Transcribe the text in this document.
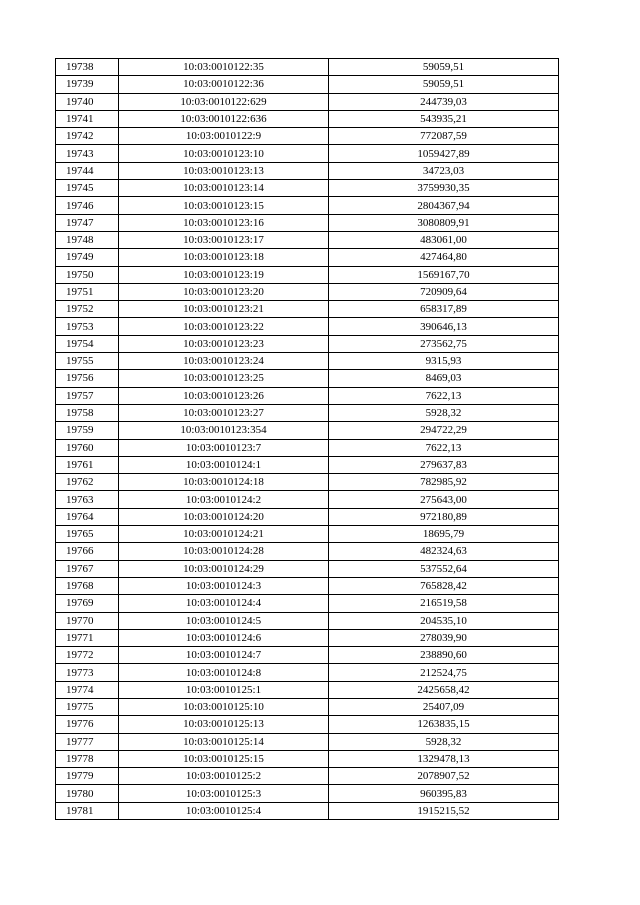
19738	10:03:0010122:35	59059,51
19739	10:03:0010122:36	59059,51
19740	10:03:0010122:629	244739,03
19741	10:03:0010122:636	543935,21
19742	10:03:0010122:9	772087,59
19743	10:03:0010123:10	1059427,89
19744	10:03:0010123:13	34723,03
19745	10:03:0010123:14	3759930,35
19746	10:03:0010123:15	2804367,94
19747	10:03:0010123:16	3080809,91
19748	10:03:0010123:17	483061,00
19749	10:03:0010123:18	427464,80
19750	10:03:0010123:19	1569167,70
19751	10:03:0010123:20	720909,64
19752	10:03:0010123:21	658317,89
19753	10:03:0010123:22	390646,13
19754	10:03:0010123:23	273562,75
19755	10:03:0010123:24	9315,93
19756	10:03:0010123:25	8469,03
19757	10:03:0010123:26	7622,13
19758	10:03:0010123:27	5928,32
19759	10:03:0010123:354	294722,29
19760	10:03:0010123:7	7622,13
19761	10:03:0010124:1	279637,83
19762	10:03:0010124:18	782985,92
19763	10:03:0010124:2	275643,00
19764	10:03:0010124:20	972180,89
19765	10:03:0010124:21	18695,79
19766	10:03:0010124:28	482324,63
19767	10:03:0010124:29	537552,64
19768	10:03:0010124:3	765828,42
19769	10:03:0010124:4	216519,58
19770	10:03:0010124:5	204535,10
19771	10:03:0010124:6	278039,90
19772	10:03:0010124:7	238890,60
19773	10:03:0010124:8	212524,75
19774	10:03:0010125:1	2425658,42
19775	10:03:0010125:10	25407,09
19776	10:03:0010125:13	1263835,15
19777	10:03:0010125:14	5928,32
19778	10:03:0010125:15	1329478,13
19779	10:03:0010125:2	2078907,52
19780	10:03:0010125:3	960395,83
19781	10:03:0010125:4	1915215,52
